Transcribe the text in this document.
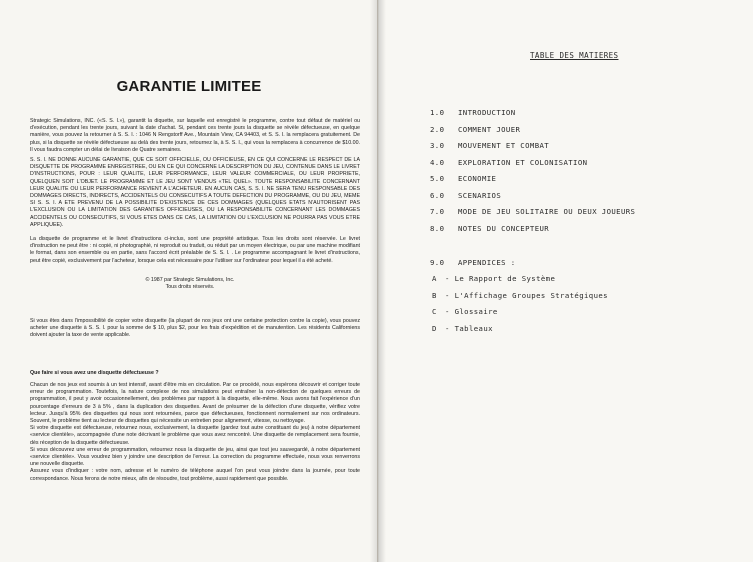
GARANTIE LIMITEE
Strategic Simulations, INC. («S. S. I.»), garantit la diquette, sur laquelle est enregistré le programme, contre tout défaut de matériel ou d'exécution, pendant les trente jours, suivant la date d'achat. Si, pendant ces trente jours la disquette se révèle défectueuse, en quelque manière, vous pouvez la retourner à S. S. I. : 1046 N Rengstorff Ave., Mountain View, CA 94403, et S. S. I. la remplacera gratuitement. De plus, si la disquette se révèle défectueuse au delà des trente jours, retournez la, à S. S. I., qui vous la remplacera à concurrence de $10.00. Il vous faudra compter un délai de livraison de Quatre semaines.
S. S. I. NE DONNE AUCUNE GARANTIE, QUE CE SOIT OFFICIELLE, OU OFFICIEUSE, EN CE QUI CONCERNE LE RESPECT DE LA DISQUETTE DE PROGRAMME ENREGISTREE, OU EN CE QUI CONCERNE LA DESCRIPTION DU JEU, CONTENUE DANS LE LIVRET D'INSTRUCTIONS, POUR : LEUR QUALITE, LEUR PERFORMANCE, LEUR VALEUR COMMERCIALE, OU LEUR PROPRIETE, QUELQUEN SOIT L'OBJET. LE PROGRAMME ET LE JEU SONT VENDUS «TEL QUEL». TOUTE RESPONSABILITE CONCERNANT LEUR QUALITE OU LEUR PERFORMANCE REVIENT A L'ACHETEUR. EN AUCUN CAS, S. S. I. NE SERA TENU RESPONSABLE DES DOMMAGES DIRECTS, INDIRECTS, ACCIDENTELS OU CONSECUTIFS A TOUTE DEFECTION DU PROGRAMME, OU DU JEU, MEME SI S. S. I. A ETE PREVENU DE LA POSSIBILITE D'EXISTENCE DE CES DOMMAGES (QUELQUES ETATS N'AUTORISENT PAS L'EXCLUSION OU LA LIMITATION DES GARANTIES OFFICIEUSES, OU LA RESPONSABILITE CONCERNANT LES DOMMAGES ACCIDENTELS OU CONSECUTIFS, SI VOUS ETES DANS CE CAS, LA LIMITATION OU L'EXCLUSION NE POURRA PAS VOUS ETRE APPLIQUEE).
La disquette de programme et le livret d'instructions ci-inclus, sont une propriété artistique. Tous les droits sont réservée. Le livret d'instruction ne peut être : ni copié, ni photographié, ni reproduit ou traduit, ou réduit par un moyen électrique, ou par une machine modifiant le format, dans son ensemble ou en partie, sans l'accord écrit préalable de S. S. I. . Le programme accompagnant le livret d'instructions, peut être copié, exclusivement par l'acheteur, lorsque cela est nécessaire pour l'utiliser sur l'ordinateur pour lequel il a été acheté.
© 1987 par Strategic Simulations, Inc.
Tous droits réservés.
Si vous êtes dans l'impossibilité de copier votre disquette (la plupart de nos jeux ont une certaine protection contre la copie), vous pouvez acheter une disquette à S. S. I. pour la somme de $ 10, plus $2, pour les frais d'expédition et de manutention. Les résidents Californiens doivent ajouter la taxe de vente applicable.
Que faire si vous avez une disquette défectueuse ?

Chacun de nos jeux est soumis à un test intensif, avant d'être mis en circulation. Par ce procédé, nous espérons découvrir et corriger toute erreur de programmation. Toutefois, la nature complexe de nos simulations peut entraîner la non-détection de quelques erreurs de programmation, il peut y avoir occasionnellement, des problèmes par rapport à la disquette, elle-même. Nous avons fait l'expérience d'un pourcentage d'erreurs de 3 à 5% , dans la duplication des disquettes. Avant de présumer de la défection d'une disquette, vérifiez votre lecteur. Jusqu'à 95% des disquettes qui nous sont retournées, parce que défectueuses, fonctionnent normalement sur nos ordinateurs. Souvent, le problème tient au lecteur de disquettes qui nécessite un entretien pour alignement, vitesse, ou nettoyage.

Si votre disquette est défectueuse, retournez nous, exclusivement, la disquette (gardez tout autre constituant du jeu) à notre département «service clientèle», accompagnée d'une note décrivant le problème que vous avez rencontré. Une disquette de remplacement sera fournie, dès réception de la disquette défectueuse.

Si vous découvrez une erreur de programmation, retournez nous la disquette de jeu, ainsi que tout jeu sauvegardé, à notre département «service clientèle». Vous voudrez bien y joindre une description de l'erreur. La correction du programme effectuée, nous vous renverrons une nouvelle disquette.

Assurez vous d'indiquer : votre nom, adresse et le numéro de téléphone auquel l'on peut vous joindre dans la journée, pour toute correspondance. Nous ferons de notre mieux, afin de résoudre, tout problème, aussi rapidement que possible.

TABLE DES MATIERES
1.0 INTRODUCTION
2.0 COMMENT JOUER
3.0 MOUVEMENT ET COMBAT
4.0 EXPLORATION ET COLONISATION
5.0 ECONOMIE
6.0 SCENARIOS
7.0 MODE DE JEU SOLITAIRE OU DEUX JOUEURS
8.0 NOTES DU CONCEPTEUR
9.0 APPENDICES :
A - Le Rapport de Système
B - L'Affichage Groupes Stratégiques
C - Glossaire
D - Tableaux
